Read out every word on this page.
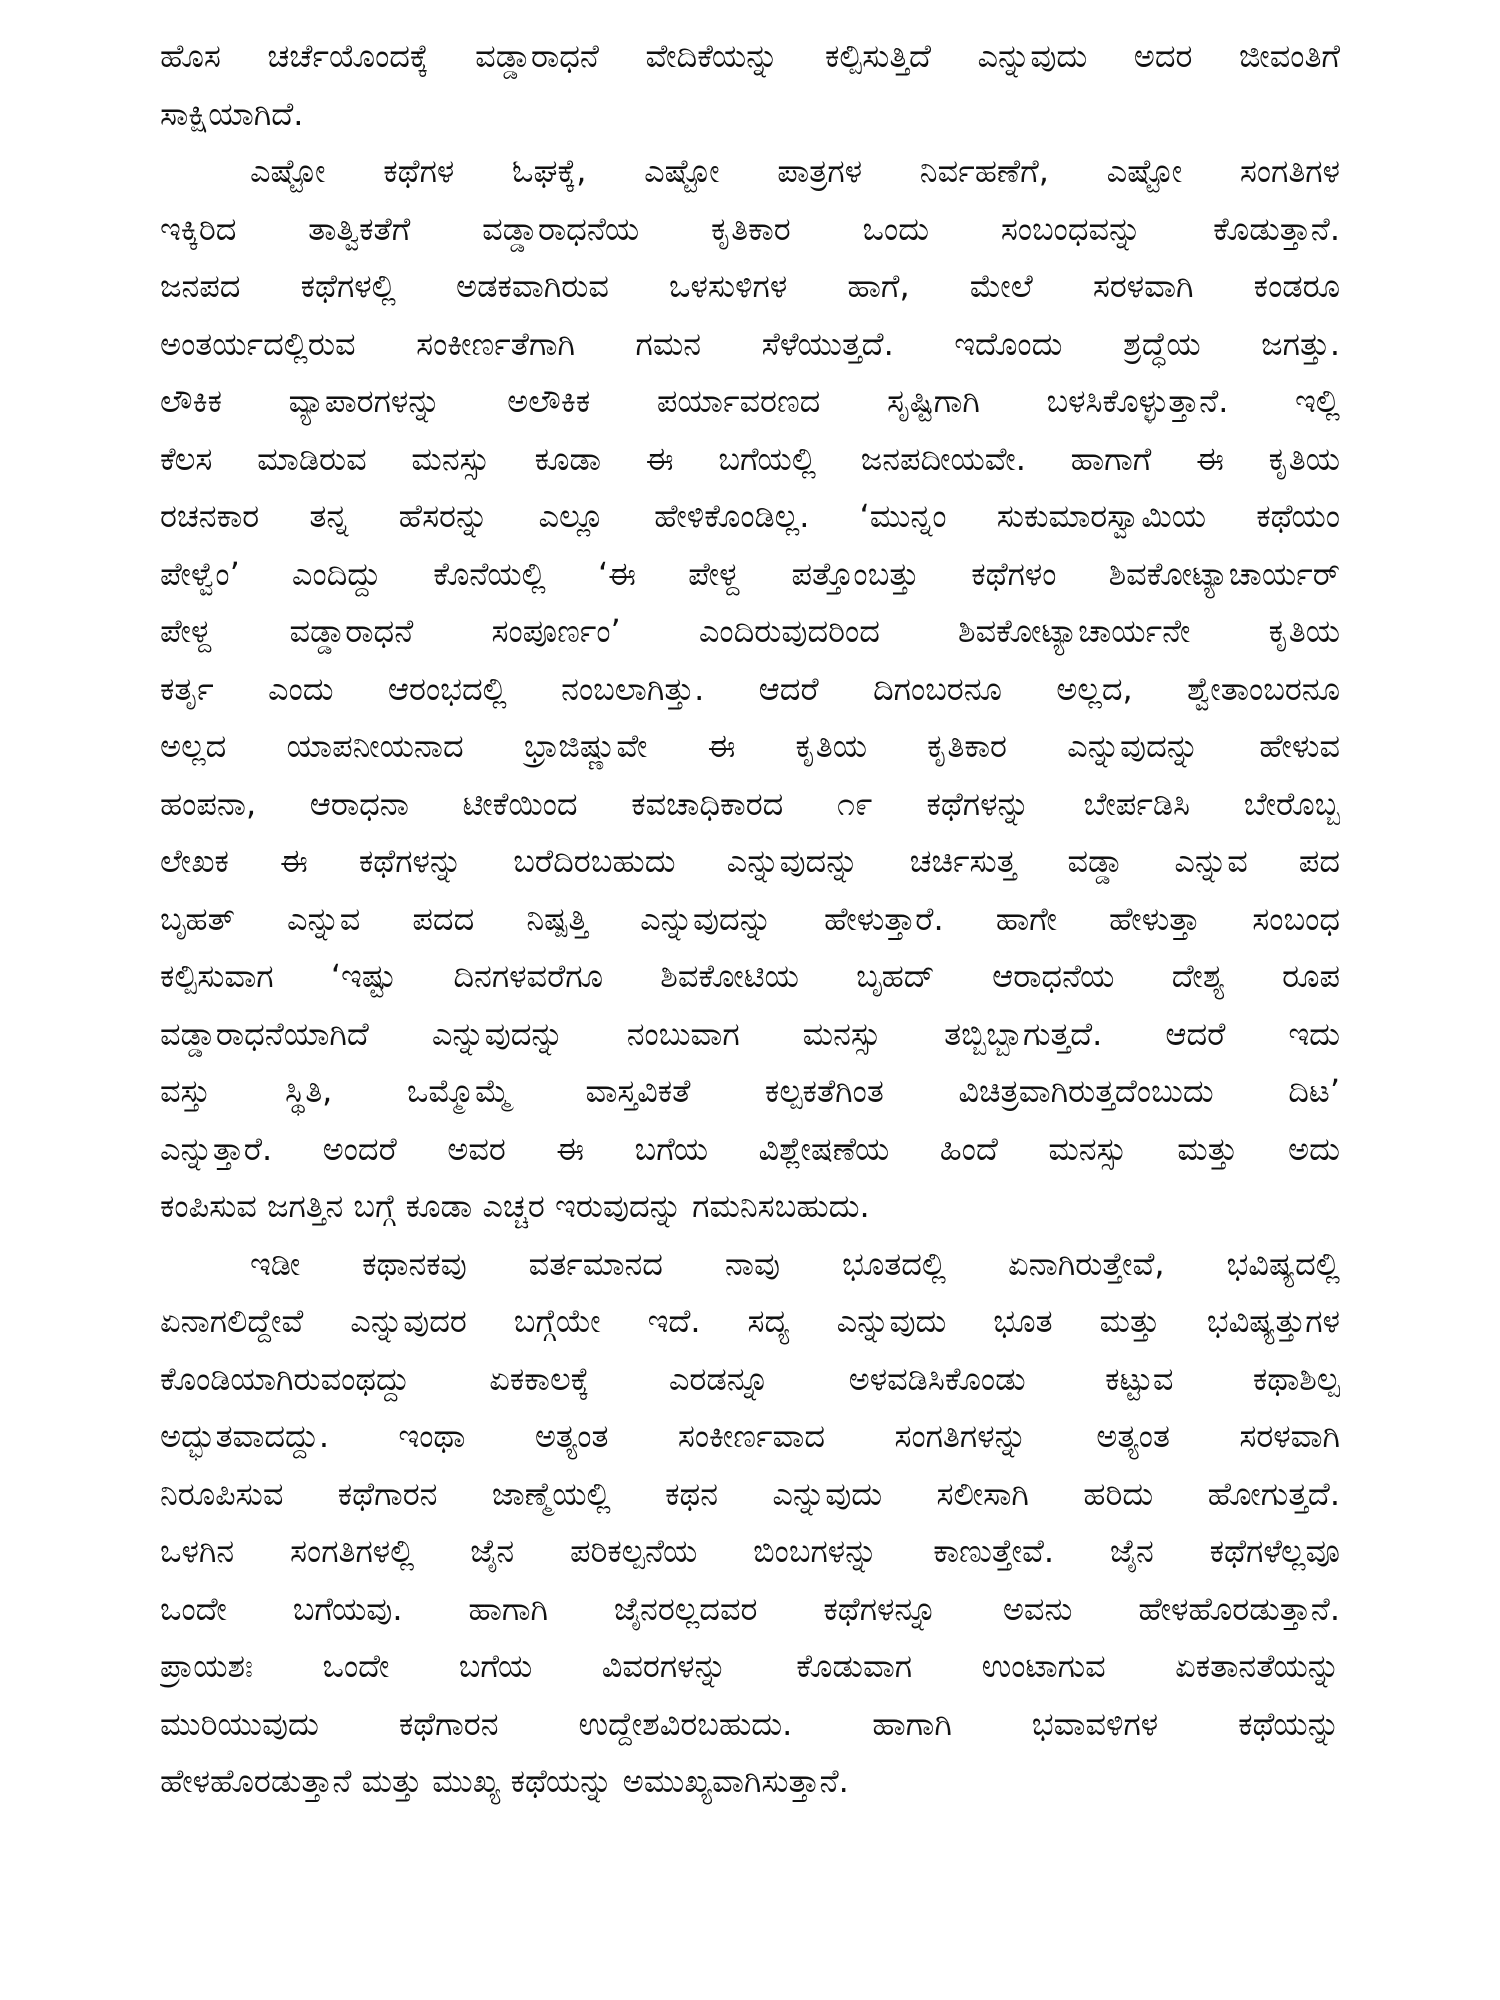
ಹೊಸ ಚರ್ಚೆಯೊಂದಕ್ಕೆ ವಡ್ಡಾರಾಧನೆ ವೇದಿಕೆಯನ್ನು ಕಲ್ಪಿಸುತ್ತಿದೆ ಎನ್ನುವುದು ಅದರ ಜೀವಂತಿಗೆ
ಸಾಕ್ಷಿಯಾಗಿದೆ.
ಎಷ್ಟೋ ಕಥೆಗಳ ಓಘಕ್ಕೆ, ಎಷ್ಟೋ ಪಾತ್ರಗಳ ನಿರ್ವಹಣೆಗೆ, ಎಷ್ಟೋ ಸಂಗತಿಗಳ
ಇಕ್ಕಿರಿದ ತಾತ್ವಿಕತೆಗೆ ವಡ್ಡಾರಾಧನೆಯ ಕೃತಿಕಾರ ಒಂದು ಸಂಬಂಧವನ್ನು ಕೊಡುತ್ತಾನೆ.
ಜನಪದ ಕಥೆಗಳಲ್ಲಿ ಅಡಕವಾಗಿರುವ ಒಳಸುಳಿಗಳ ಹಾಗೆ, ಮೇಲೆ ಸರಳವಾಗಿ ಕಂಡರೂ
ಅಂತರ್ಯದಲ್ಲಿರುವ ಸಂಕೀರ್ಣತೆಗಾಗಿ ಗಮನ ಸೆಳೆಯುತ್ತದೆ. ಇದೊಂದು ಶ್ರದ್ಧೆಯ ಜಗತ್ತು.
ಲೌಕಿಕ ವ್ಯಾಪಾರಗಳನ್ನು ಅಲೌಕಿಕ ಪರ್ಯಾವರಣದ ಸೃಷ್ಟಿಗಾಗಿ ಬಳಸಿಕೊಳ್ಳುತ್ತಾನೆ. ಇಲ್ಲಿ
ಕೆಲಸ ಮಾಡಿರುವ ಮನಸ್ಸು ಕೂಡಾ ಈ ಬಗೆಯಲ್ಲಿ ಜನಪದೀಯವೇ. ಹಾಗಾಗೆ ಈ ಕೃತಿಯ
ರಚನಕಾರ ತನ್ನ ಹೆಸರನ್ನು ಎಲ್ಲೂ ಹೇಳಿಕೊಂಡಿಲ್ಲ. ‘ಮುನ್ನಂ ಸುಕುಮಾರಸ್ವಾಮಿಯ ಕಥೆಯಂ
ಪೇಳ್ವೆಂ’ ಎಂದಿದ್ದು ಕೊನೆಯಲ್ಲಿ ‘ಈ ಪೇಳ್ದ ಪತ್ತೊಂಬತ್ತು ಕಥೆಗಳಂ ಶಿವಕೋಟ್ಯಾಚಾರ್ಯರ್
ಪೇಳ್ದ ವಡ್ಡಾರಾಧನೆ ಸಂಪೂರ್ಣಂ’ ಎಂದಿರುವುದರಿಂದ ಶಿವಕೋಟ್ಯಾಚಾರ್ಯನೇ ಕೃತಿಯ
ಕರ್ತೃ ಎಂದು ಆರಂಭದಲ್ಲಿ ನಂಬಲಾಗಿತ್ತು. ಆದರೆ ದಿಗಂಬರನೂ ಅಲ್ಲದ, ಶ್ವೇತಾಂಬರನೂ
ಅಲ್ಲದ ಯಾಪನೀಯನಾದ ಭ್ರಾಜಿಷ್ಣುವೇ ಈ ಕೃತಿಯ ಕೃತಿಕಾರ ಎನ್ನುವುದನ್ನು ಹೇಳುವ
ಹಂಪನಾ, ಆರಾಧನಾ ಟೀಕೆಯಿಂದ ಕವಚಾಧಿಕಾರದ ೧೯ ಕಥೆಗಳನ್ನು ಬೇರ್ಪಡಿಸಿ ಬೇರೊಬ್ಬ
ಲೇಖಕ ಈ ಕಥೆಗಳನ್ನು ಬರೆದಿರಬಹುದು ಎನ್ನುವುದನ್ನು ಚರ್ಚಿಸುತ್ತ ವಡ್ಡಾ ಎನ್ನುವ ಪದ
ಬೃಹತ್ ಎನ್ನುವ ಪದದ ನಿಷ್ಪತ್ತಿ ಎನ್ನುವುದನ್ನು ಹೇಳುತ್ತಾರೆ. ಹಾಗೇ ಹೇಳುತ್ತಾ ಸಂಬಂಧ
ಕಲ್ಪಿಸುವಾಗ ‘ಇಷ್ಟು ದಿನಗಳವರೆಗೂ ಶಿವಕೋಟಿಯ ಬೃಹದ್ ಆರಾಧನೆಯ ದೇಶ್ಯ ರೂಪ
ವಡ್ಡಾರಾಧನೆಯಾಗಿದೆ ಎನ್ನುವುದನ್ನು ನಂಬುವಾಗ ಮನಸ್ಸು ತಬ್ಬಿಬ್ಬಾಗುತ್ತದೆ. ಆದರೆ ಇದು
ವಸ್ತು ಸ್ಥಿತಿ, ಒಮ್ಮೊಮ್ಮೆ ವಾಸ್ತವಿಕತೆ ಕಲ್ಪಕತೆಗಿಂತ ವಿಚಿತ್ರವಾಗಿರುತ್ತದೆಂಬುದು ದಿಟ’
ಎನ್ನುತ್ತಾರೆ. ಅಂದರೆ ಅವರ ಈ ಬಗೆಯ ವಿಶ್ಲೇಷಣೆಯ ಹಿಂದೆ ಮನಸ್ಸು ಮತ್ತು ಅದು
ಕಂಪಿಸುವ ಜಗತ್ತಿನ ಬಗ್ಗೆ ಕೂಡಾ ಎಚ್ಚರ ಇರುವುದನ್ನು ಗಮನಿಸಬಹುದು.
ಇಡೀ ಕಥಾನಕವು ವರ್ತಮಾನದ ನಾವು ಭೂತದಲ್ಲಿ ಏನಾಗಿರುತ್ತೇವೆ, ಭವಿಷ್ಯದಲ್ಲಿ
ಏನಾಗಲಿದ್ದೇವೆ ಎನ್ನುವುದರ ಬಗ್ಗೆಯೇ ಇದೆ. ಸದ್ಯ ಎನ್ನುವುದು ಭೂತ ಮತ್ತು ಭವಿಷ್ಯತ್ತುಗಳ
ಕೊಂಡಿಯಾಗಿರುವಂಥದ್ದು ಏಕಕಾಲಕ್ಕೆ ಎರಡನ್ನೂ ಅಳವಡಿಸಿಕೊಂಡು ಕಟ್ಟುವ ಕಥಾಶಿಲ್ಪ
ಅದ್ಭುತವಾದದ್ದು. ಇಂಥಾ ಅತ್ಯಂತ ಸಂಕೀರ್ಣವಾದ ಸಂಗತಿಗಳನ್ನು ಅತ್ಯಂತ ಸರಳವಾಗಿ
ನಿರೂಪಿಸುವ ಕಥೆಗಾರನ ಜಾಣ್ಮೆಯಲ್ಲಿ ಕಥನ ಎನ್ನುವುದು ಸಲೀಸಾಗಿ ಹರಿದು ಹೋಗುತ್ತದೆ.
ಒಳಗಿನ ಸಂಗತಿಗಳಲ್ಲಿ ಜೈನ ಪರಿಕಲ್ಪನೆಯ ಬಿಂಬಗಳನ್ನು ಕಾಣುತ್ತೇವೆ. ಜೈನ ಕಥೆಗಳೆಲ್ಲವೂ
ಒಂದೇ ಬಗೆಯವು. ಹಾಗಾಗಿ ಜೈನರಲ್ಲದವರ ಕಥೆಗಳನ್ನೂ ಅವನು ಹೇಳಹೊರಡುತ್ತಾನೆ.
ಪ್ರಾಯಶಃ ಒಂದೇ ಬಗೆಯ ವಿವರಗಳನ್ನು ಕೊಡುವಾಗ ಉಂಟಾಗುವ ಏಕತಾನತೆಯನ್ನು
ಮುರಿಯುವುದು ಕಥೆಗಾರನ ಉದ್ದೇಶವಿರಬಹುದು. ಹಾಗಾಗಿ ಭವಾವಳಿಗಳ ಕಥೆಯನ್ನು
ಹೇಳಹೊರಡುತ್ತಾನೆ ಮತ್ತು ಮುಖ್ಯ ಕಥೆಯನ್ನು ಅಮುಖ್ಯವಾಗಿಸುತ್ತಾನೆ.
